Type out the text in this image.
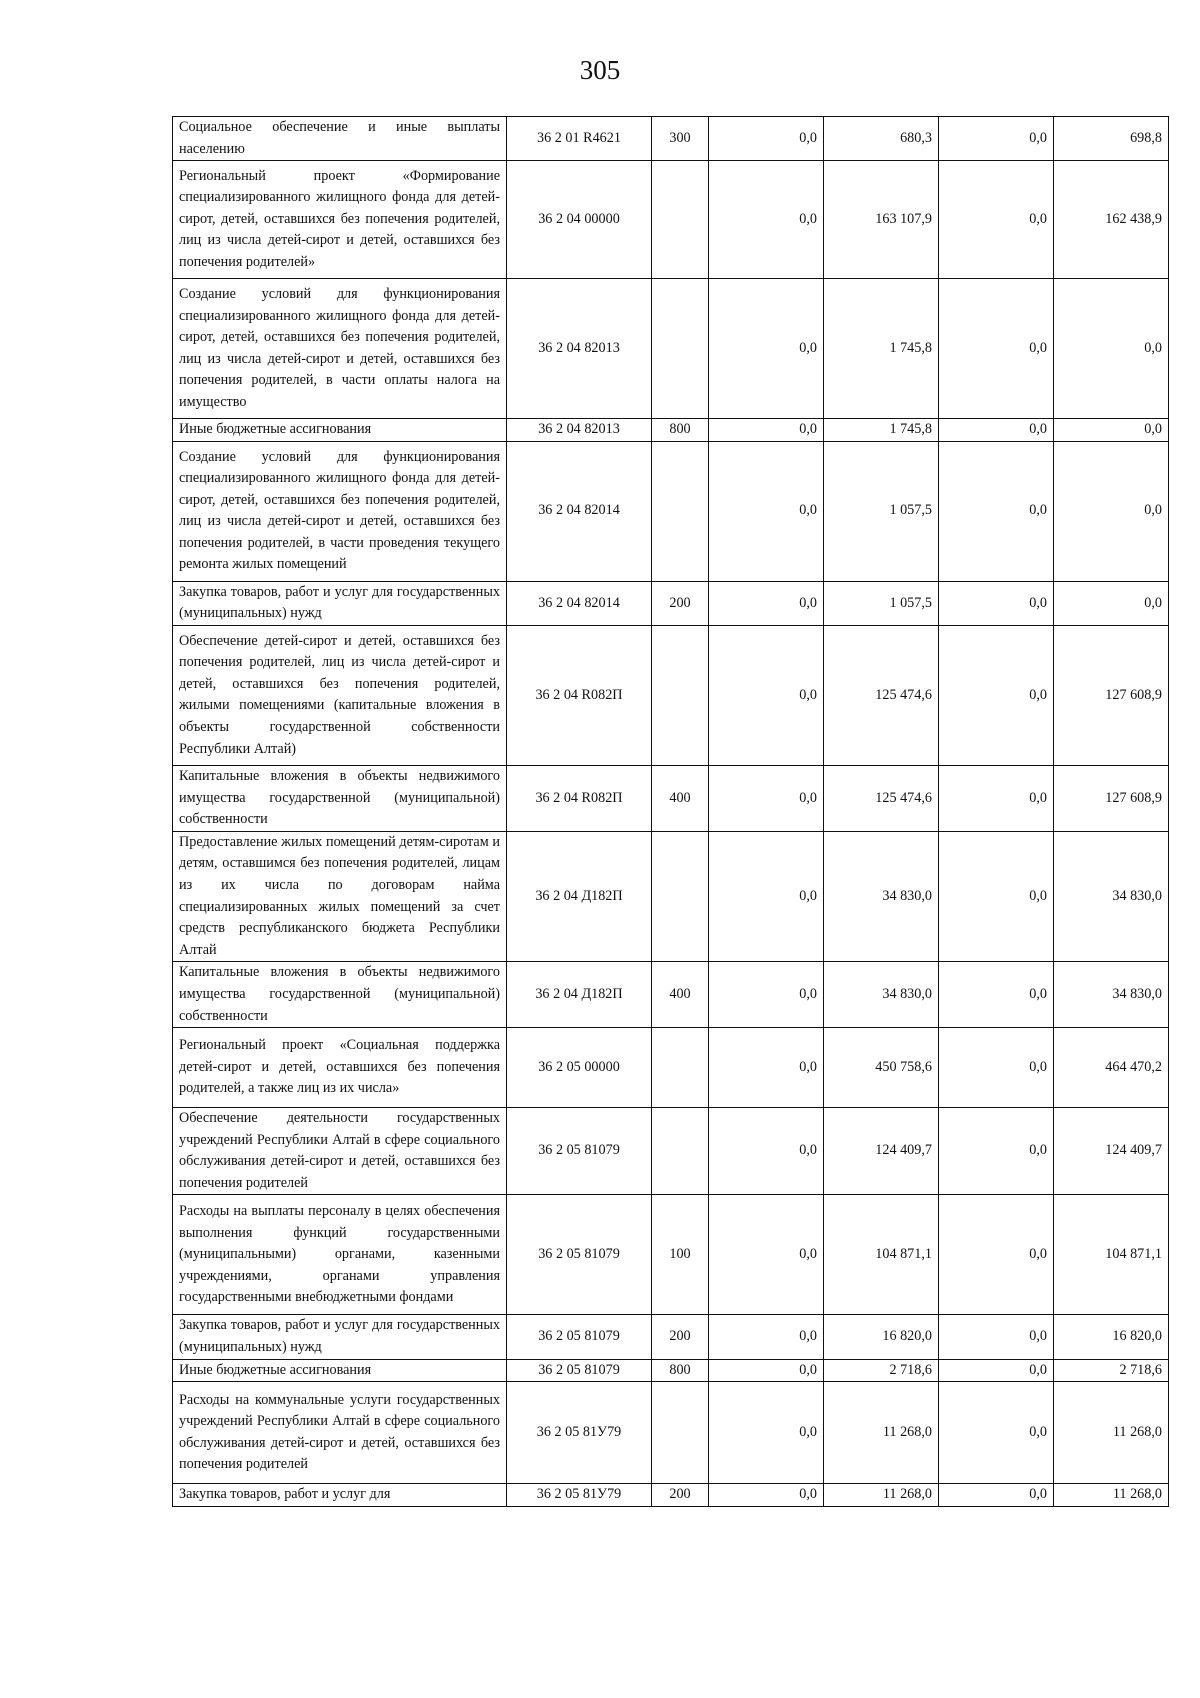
305
Социальное обеспечение и иные выплаты населению	36 2 01 R4621	300	0,0	680,3	0,0	698,8
Региональный проект «Формирование специализированного жилищного фонда для детей-сирот, детей, оставшихся без попечения родителей, лиц из числа детей-сирот и детей, оставшихся без попечения родителей»	36 2 04 00000		0,0	163 107,9	0,0	162 438,9
Создание условий для функционирования специализированного жилищного фонда для детей-сирот, детей, оставшихся без попечения родителей, лиц из числа детей-сирот и детей, оставшихся без попечения родителей, в части оплаты налога на имущество	36 2 04 82013		0,0	1 745,8	0,0	0,0
Иные бюджетные ассигнования	36 2 04 82013	800	0,0	1 745,8	0,0	0,0
Создание условий для функционирования специализированного жилищного фонда для детей-сирот, детей, оставшихся без попечения родителей, лиц из числа детей-сирот и детей, оставшихся без попечения родителей, в части проведения текущего ремонта жилых помещений	36 2 04 82014		0,0	1 057,5	0,0	0,0
Закупка товаров, работ и услуг для государственных (муниципальных) нужд	36 2 04 82014	200	0,0	1 057,5	0,0	0,0
Обеспечение детей-сирот и детей, оставшихся без попечения родителей, лиц из числа детей-сирот и детей, оставшихся без попечения родителей, жилыми помещениями (капитальные вложения в объекты государственной собственности Республики Алтай)	36 2 04 R082П		0,0	125 474,6	0,0	127 608,9
Капитальные вложения в объекты недвижимого имущества государственной (муниципальной) собственности	36 2 04 R082П	400	0,0	125 474,6	0,0	127 608,9
Предоставление жилых помещений детям-сиротам и детям, оставшимся без попечения родителей, лицам из их числа по договорам найма специализированных жилых помещений за счет средств республиканского бюджета Республики Алтай	36 2 04 Д182П		0,0	34 830,0	0,0	34 830,0
Капитальные вложения в объекты недвижимого имущества государственной (муниципальной) собственности	36 2 04 Д182П	400	0,0	34 830,0	0,0	34 830,0
Региональный проект «Социальная поддержка детей-сирот и детей, оставшихся без попечения родителей, а также лиц из их числа»	36 2 05 00000		0,0	450 758,6	0,0	464 470,2
Обеспечение деятельности государственных учреждений Республики Алтай в сфере социального обслуживания детей-сирот и детей, оставшихся без попечения родителей	36 2 05 81079		0,0	124 409,7	0,0	124 409,7
Расходы на выплаты персоналу в целях обеспечения выполнения функций государственными (муниципальными) органами, казенными учреждениями, органами управления государственными внебюджетными фондами	36 2 05 81079	100	0,0	104 871,1	0,0	104 871,1
Закупка товаров, работ и услуг для государственных (муниципальных) нужд	36 2 05 81079	200	0,0	16 820,0	0,0	16 820,0
Иные бюджетные ассигнования	36 2 05 81079	800	0,0	2 718,6	0,0	2 718,6
Расходы на коммунальные услуги государственных учреждений Республики Алтай в сфере социального обслуживания детей-сирот и детей, оставшихся без попечения родителей	36 2 05 81У79		0,0	11 268,0	0,0	11 268,0
Закупка товаров, работ и услуг для	36 2 05 81У79	200	0,0	11 268,0	0,0	11 268,0
